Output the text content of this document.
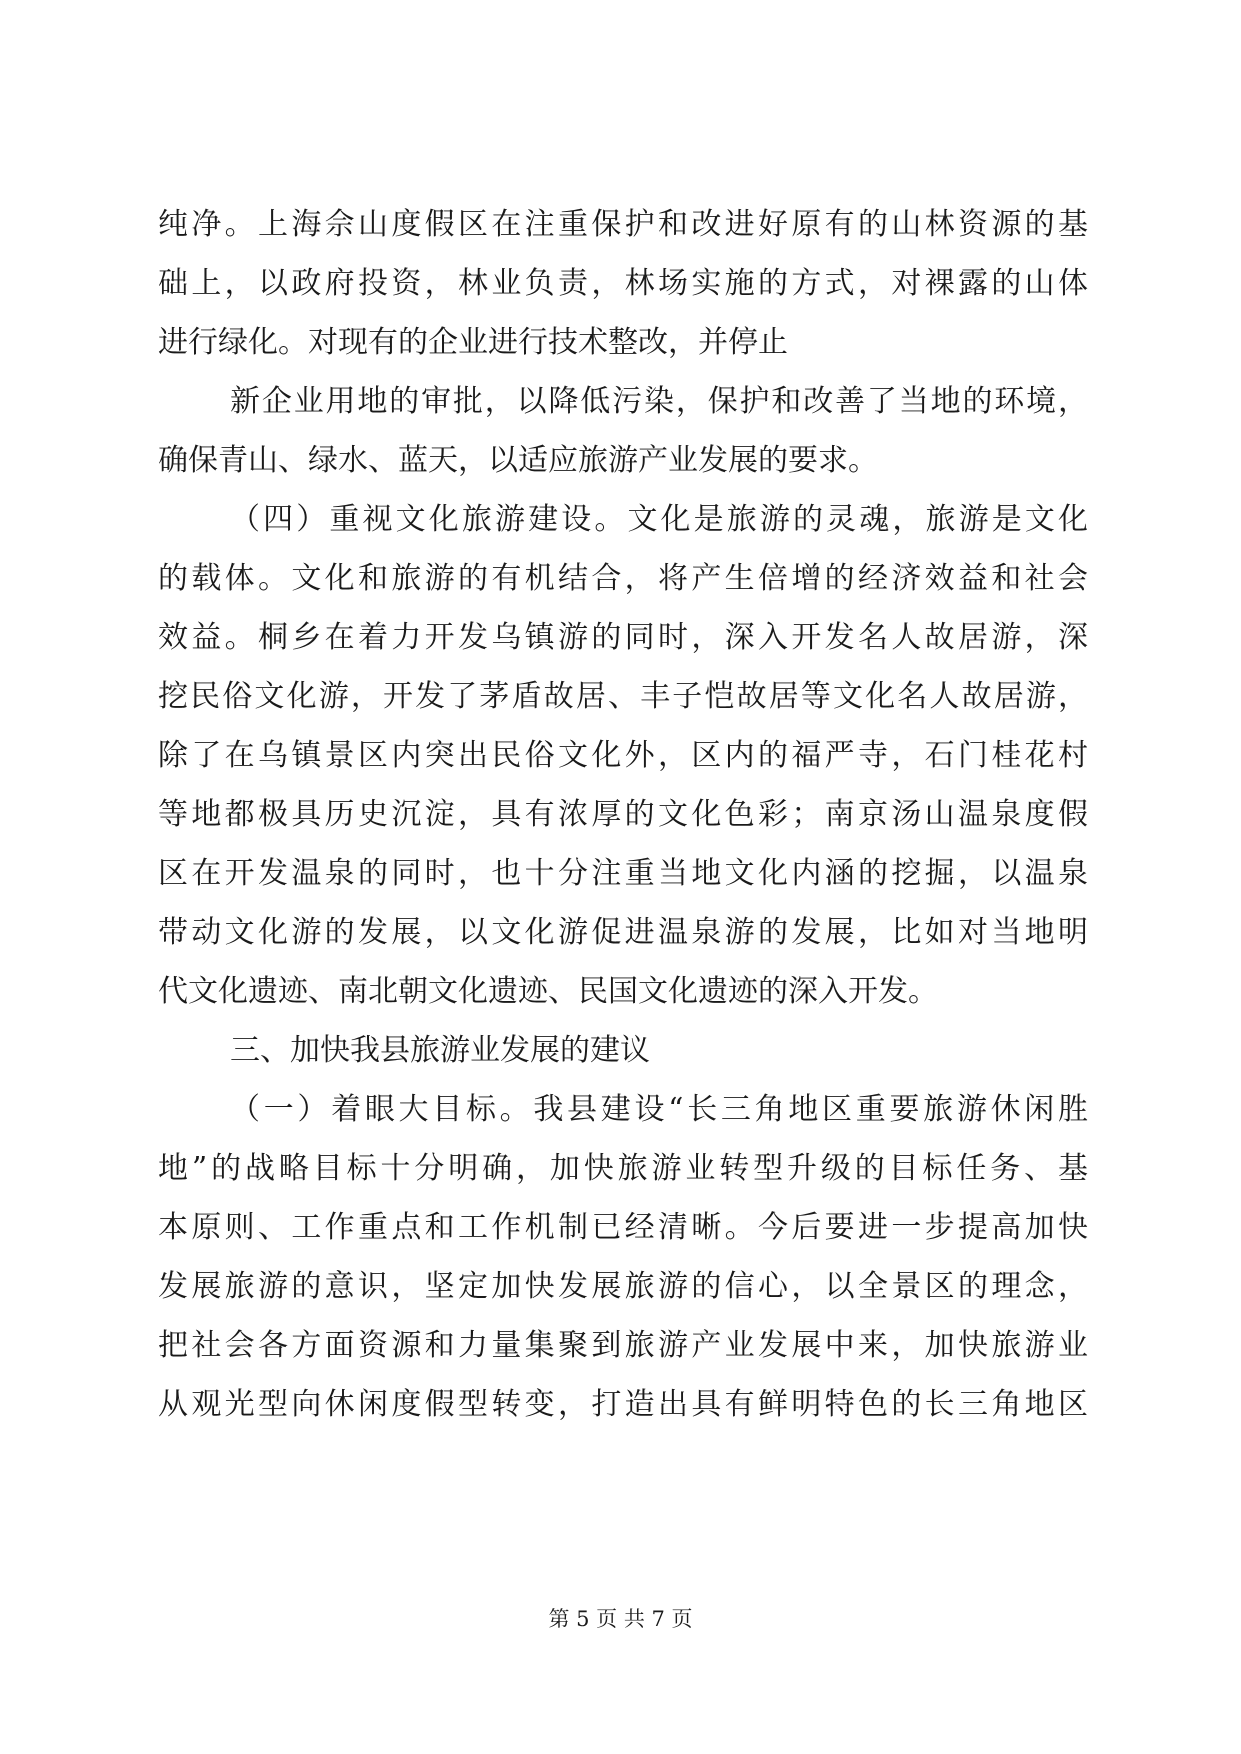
纯净。上海佘山度假区在注重保护和改进好原有的山林资源的基
础上，以政府投资，林业负责，林场实施的方式，对裸露的山体
进行绿化。对现有的企业进行技术整改，并停止
新企业用地的审批，以降低污染，保护和改善了当地的环境，
确保青山、绿水、蓝天，以适应旅游产业发展的要求。
（四）重视文化旅游建设。文化是旅游的灵魂，旅游是文化
的载体。文化和旅游的有机结合，将产生倍增的经济效益和社会
效益。桐乡在着力开发乌镇游的同时，深入开发名人故居游，深
挖民俗文化游，开发了茅盾故居、丰子恺故居等文化名人故居游，
除了在乌镇景区内突出民俗文化外，区内的福严寺，石门桂花村
等地都极具历史沉淀，具有浓厚的文化色彩；南京汤山温泉度假
区在开发温泉的同时，也十分注重当地文化内涵的挖掘，以温泉
带动文化游的发展，以文化游促进温泉游的发展，比如对当地明
代文化遗迹、南北朝文化遗迹、民国文化遗迹的深入开发。
三、加快我县旅游业发展的建议
（一）着眼大目标。我县建设“长三角地区重要旅游休闲胜
地”的战略目标十分明确，加快旅游业转型升级的目标任务、基
本原则、工作重点和工作机制已经清晰。今后要进一步提高加快
发展旅游的意识，坚定加快发展旅游的信心，以全景区的理念，
把社会各方面资源和力量集聚到旅游产业发展中来，加快旅游业
从观光型向休闲度假型转变，打造出具有鲜明特色的长三角地区
第 5 页 共 7 页
